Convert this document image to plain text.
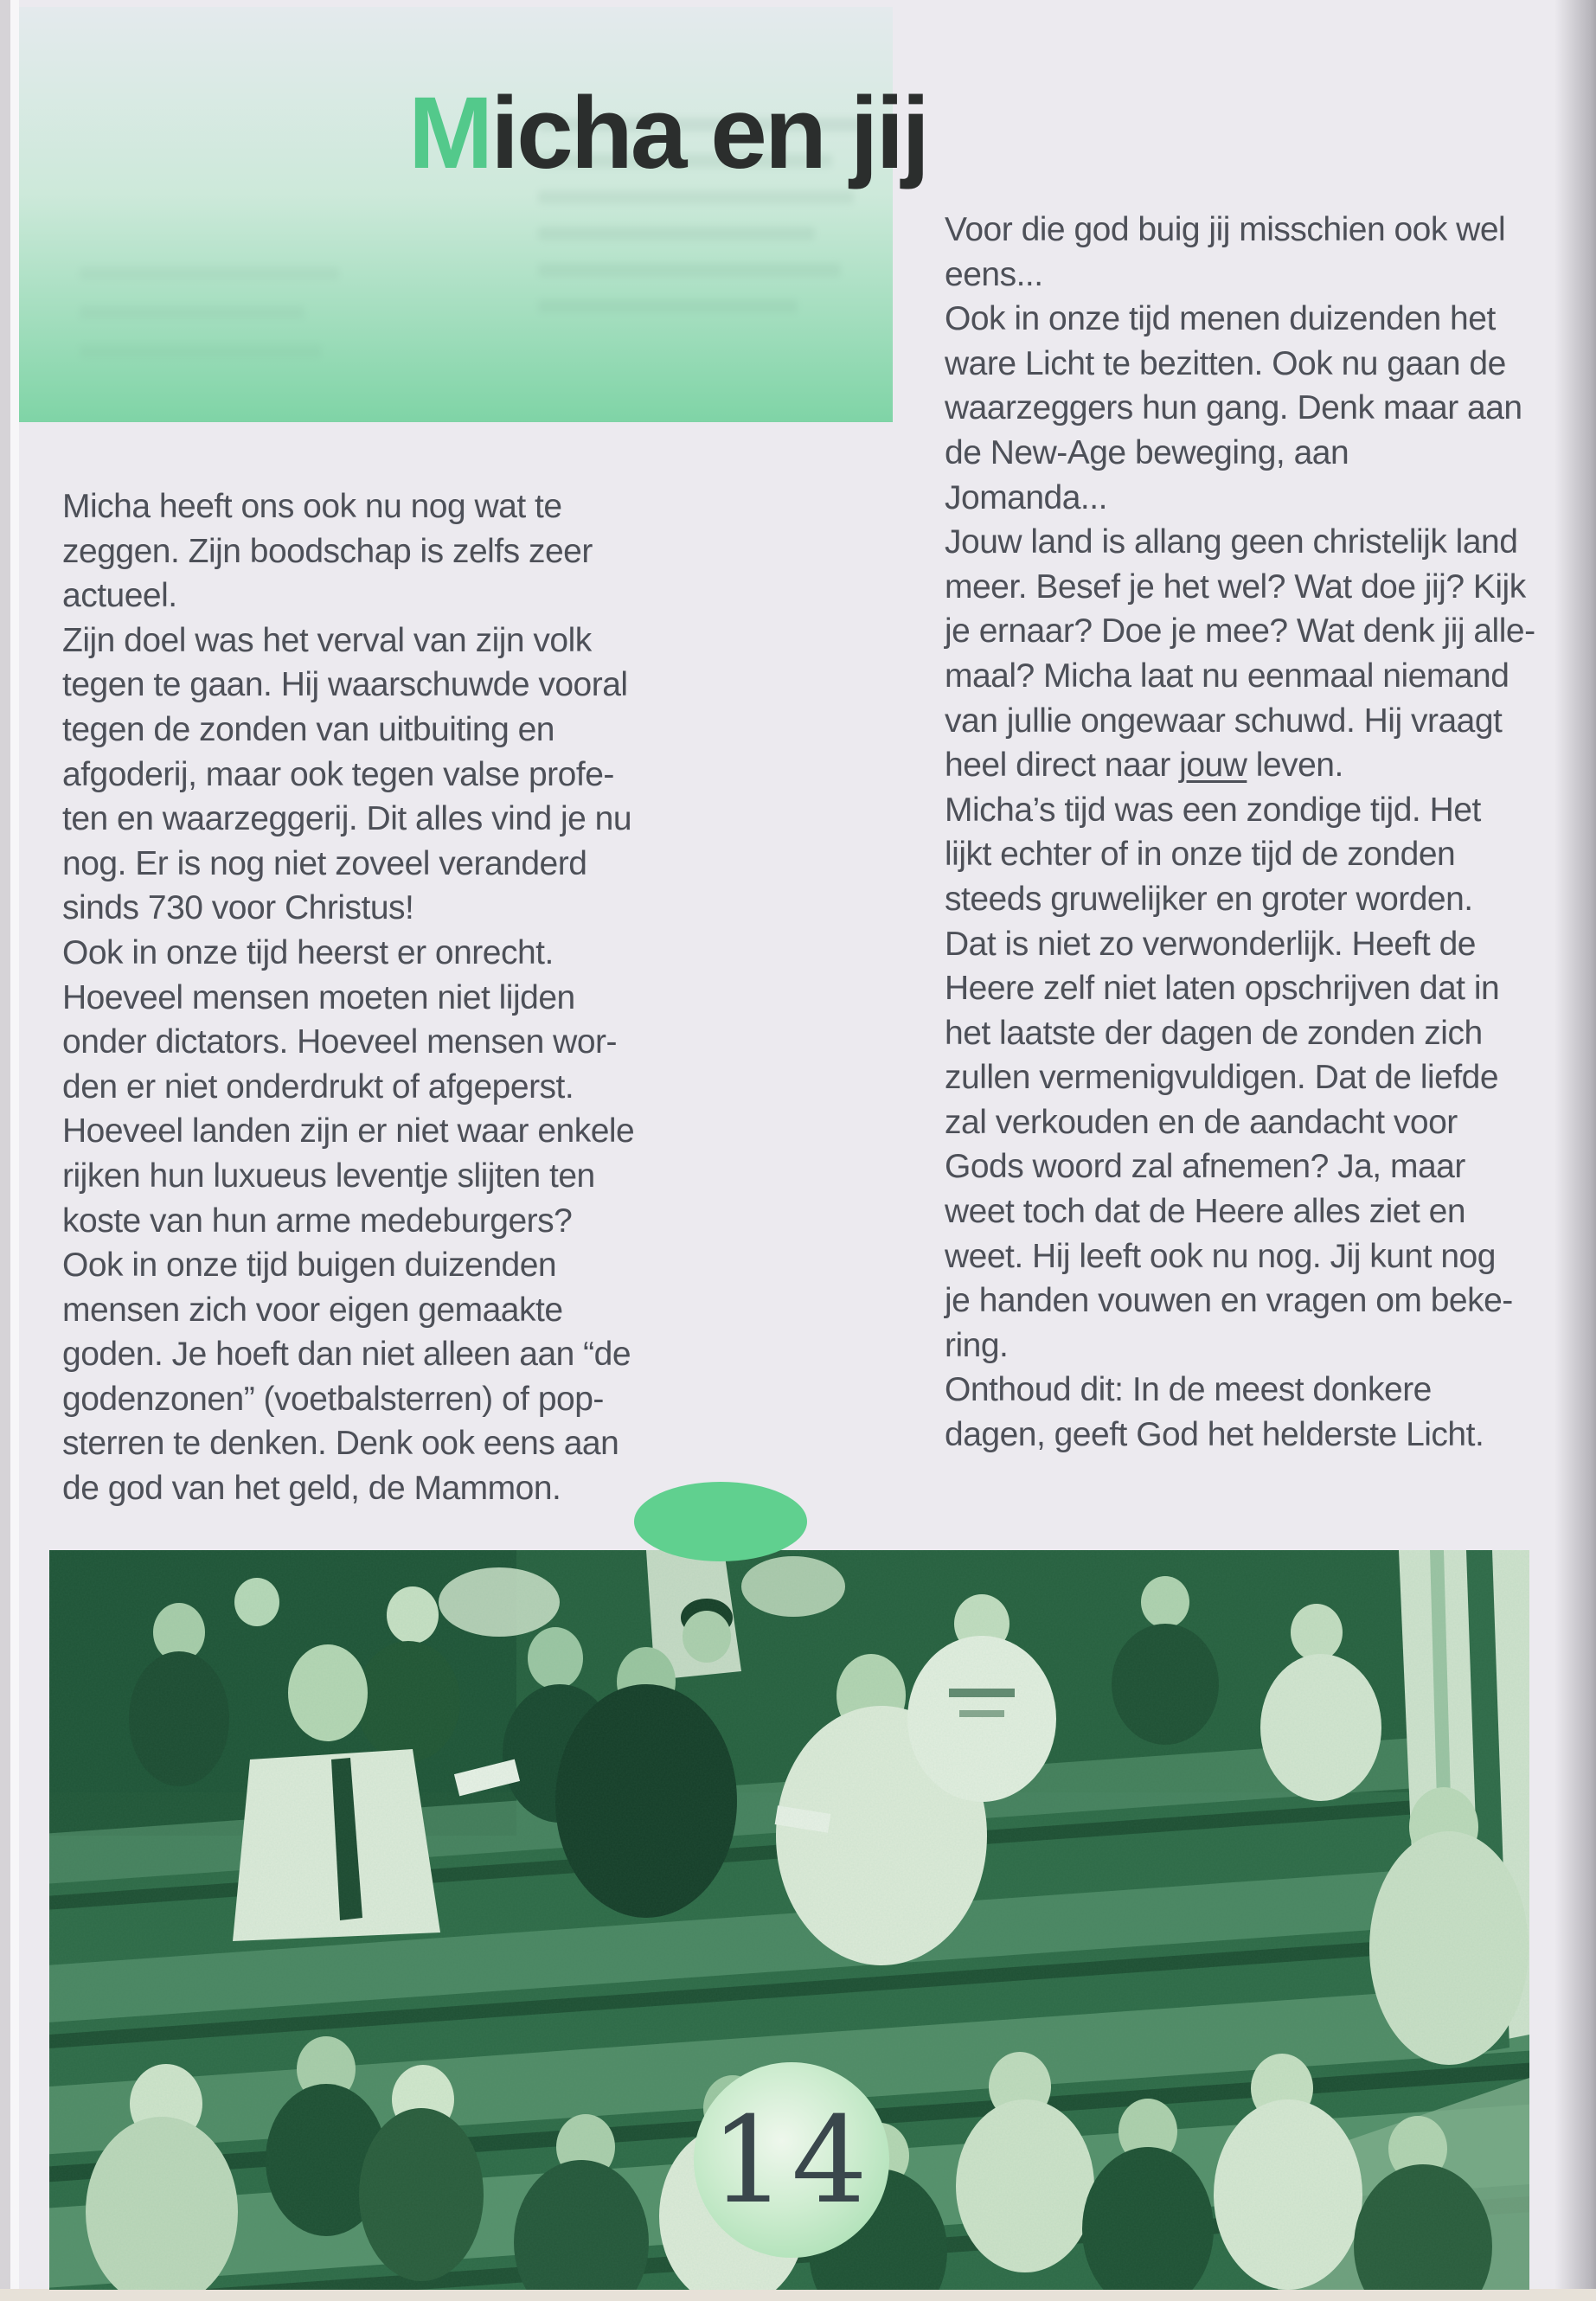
Micha en jij
Micha heeft ons ook nu nog wat te
zeggen. Zijn boodschap is zelfs zeer
actueel.
Zijn doel was het verval van zijn volk
tegen te gaan. Hij waarschuwde vooral
tegen de zonden van uitbuiting en
afgoderij, maar ook tegen valse profe-
ten en waarzeggerij. Dit alles vind je nu
nog. Er is nog niet zoveel veranderd
sinds 730 voor Christus!
Ook in onze tijd heerst er onrecht.
Hoeveel mensen moeten niet lijden
onder dictators. Hoeveel mensen wor-
den er niet onderdrukt of afgeperst.
Hoeveel landen zijn er niet waar enkele
rijken hun luxueus leventje slijten ten
koste van hun arme medeburgers?
Ook in onze tijd buigen duizenden
mensen zich voor eigen gemaakte
goden. Je hoeft dan niet alleen aan “de
godenzonen” (voetbalsterren) of pop-
sterren te denken. Denk ook eens aan
de god van het geld, de Mammon.
Voor die god buig jij misschien ook wel
eens...
Ook in onze tijd menen duizenden het
ware Licht te bezitten. Ook nu gaan de
waarzeggers hun gang. Denk maar aan
de New-Age beweging, aan
Jomanda...
Jouw land is allang geen christelijk land
meer. Besef je het wel? Wat doe jij? Kijk
je ernaar? Doe je mee? Wat denk jij alle-
maal? Micha laat nu eenmaal niemand
van jullie ongewaar schuwd. Hij vraagt
heel direct naar jouw leven.
Micha’s tijd was een zondige tijd. Het
lijkt echter of in onze tijd de zonden
steeds gruwelijker en groter worden.
Dat is niet zo verwonderlijk. Heeft de
Heere zelf niet laten opschrijven dat in
het laatste der dagen de zonden zich
zullen vermenigvuldigen. Dat de liefde
zal verkouden en de aandacht voor
Gods woord zal afnemen? Ja, maar
weet toch dat de Heere alles ziet en
weet. Hij leeft ook nu nog. Jij kunt nog
je handen vouwen en vragen om beke-
ring.
Onthoud dit: In de meest donkere
dagen, geeft God het helderste Licht.
14
